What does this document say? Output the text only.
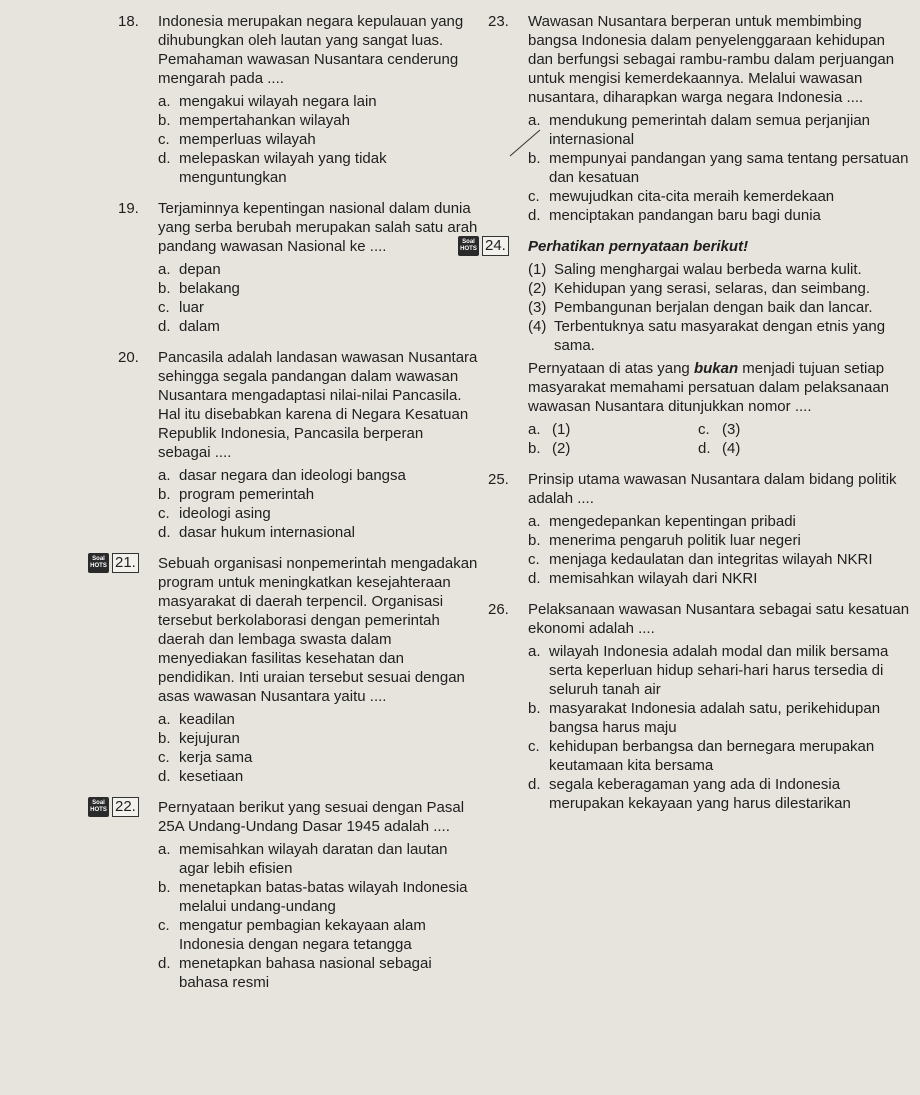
18. Indonesia merupakan negara kepulauan yang dihubungkan oleh lautan yang sangat luas. Pemahaman wawasan Nusantara cenderung mengarah pada ....
a. mengakui wilayah negara lain
b. mempertahankan wilayah
c. memperluas wilayah
d. melepaskan wilayah yang tidak menguntungkan
19. Terjaminnya kepentingan nasional dalam dunia yang serba berubah merupakan salah satu arah pandang wawasan Nasional ke ....
a. depan
b. belakang
c. luar
d. dalam
20. Pancasila adalah landasan wawasan Nusantara sehingga segala pandangan dalam wawasan Nusantara mengadaptasi nilai-nilai Pancasila. Hal itu disebabkan karena di Negara Kesatuan Republik Indonesia, Pancasila berperan sebagai ....
a. dasar negara dan ideologi bangsa
b. program pemerintah
c. ideologi asing
d. dasar hukum internasional
Soal
HOTS 21. Sebuah organisasi nonpemerintah mengadakan program untuk meningkatkan kesejahteraan masyarakat di daerah terpencil. Organisasi tersebut berkolaborasi dengan pemerintah daerah dan lembaga swasta dalam menyediakan fasilitas kesehatan dan pendidikan. Inti uraian tersebut sesuai dengan asas wawasan Nusantara yaitu ....
a. keadilan
b. kejujuran
c. kerja sama
d. kesetiaan
Soal
HOTS 22. Pernyataan berikut yang sesuai dengan Pasal 25A Undang-Undang Dasar 1945 adalah ....
a. memisahkan wilayah daratan dan lautan agar lebih efisien
b. menetapkan batas-batas wilayah Indonesia melalui undang-undang
c. mengatur pembagian kekayaan alam Indonesia dengan negara tetangga
d. menetapkan bahasa nasional sebagai bahasa resmi
23. Wawasan Nusantara berperan untuk membimbing bangsa Indonesia dalam penyelenggaraan kehidupan dan berfungsi sebagai rambu-rambu dalam perjuangan untuk mengisi kemerdekaannya. Melalui wawasan nusantara, diharapkan warga negara Indonesia ....
a. mendukung pemerintah dalam semua perjanjian internasional
b. mempunyai pandangan yang sama tentang persatuan dan kesatuan
c. mewujudkan cita-cita meraih kemerdekaan
d. menciptakan pandangan baru bagi dunia
Soal
HOTS 24. Perhatikan pernyataan berikut!
(1) Saling menghargai walau berbeda warna kulit.
(2) Kehidupan yang serasi, selaras, dan seimbang.
(3) Pembangunan berjalan dengan baik dan lancar.
(4) Terbentuknya satu masyarakat dengan etnis yang sama.
Pernyataan di atas yang bukan menjadi tujuan setiap masyarakat memahami persatuan dalam pelaksanaan wawasan Nusantara ditunjukkan nomor ....
a. (1)	c. (3)
b. (2)	d. (4)
25. Prinsip utama wawasan Nusantara dalam bidang politik adalah ....
a. mengedepankan kepentingan pribadi
b. menerima pengaruh politik luar negeri
c. menjaga kedaulatan dan integritas wilayah NKRI
d. memisahkan wilayah dari NKRI
26. Pelaksanaan wawasan Nusantara sebagai satu kesatuan ekonomi adalah ....
a. wilayah Indonesia adalah modal dan milik bersama serta keperluan hidup sehari-hari harus tersedia di seluruh tanah air
b. masyarakat Indonesia adalah satu, perikehidupan bangsa harus maju
c. kehidupan berbangsa dan bernegara merupakan keutamaan kita bersama
d. segala keberagaman yang ada di Indonesia merupakan kekayaan yang harus dilestarikan
